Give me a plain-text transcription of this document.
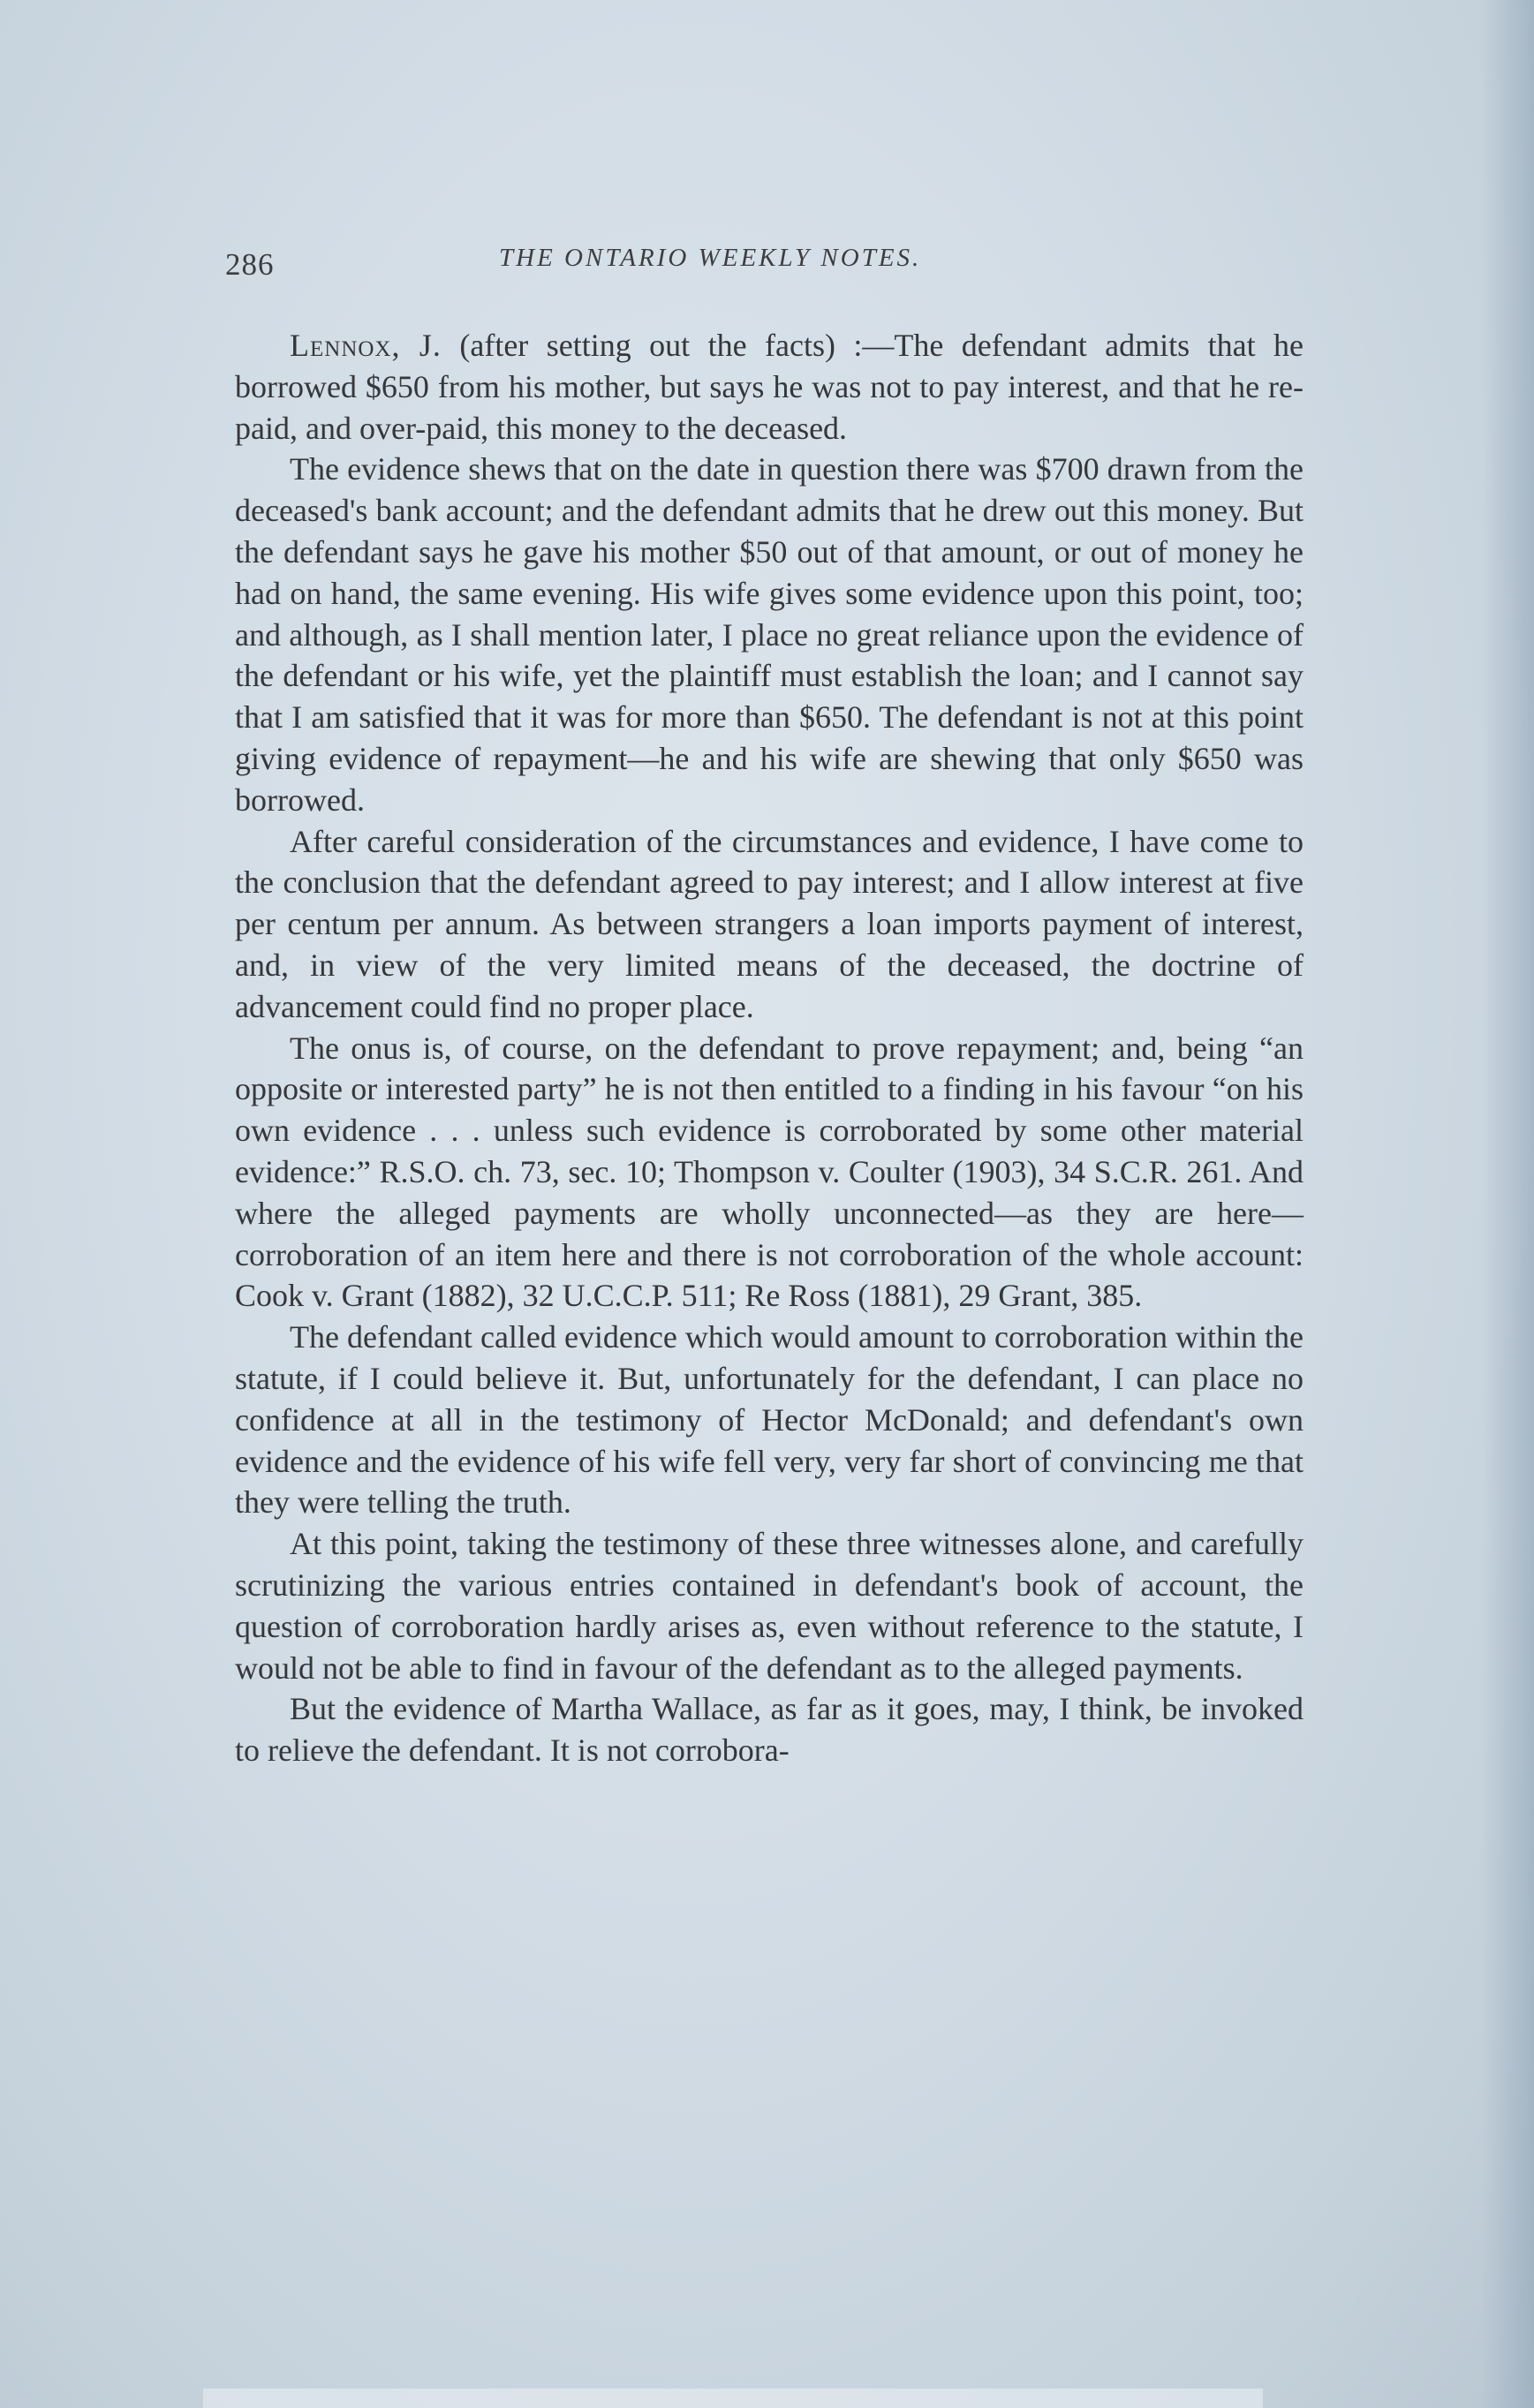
286	THE ONTARIO WEEKLY NOTES.

Lennox, J. (after setting out the facts) :—The defendant admits that he borrowed $650 from his mother, but says he was not to pay interest, and that he re-paid, and over-paid, this money to the deceased.

The evidence shews that on the date in question there was $700 drawn from the deceased's bank account; and the defendant admits that he drew out this money. But the defendant says he gave his mother $50 out of that amount, or out of money he had on hand, the same evening. His wife gives some evidence upon this point, too; and although, as I shall mention later, I place no great reliance upon the evidence of the defendant or his wife, yet the plaintiff must establish the loan; and I cannot say that I am satisfied that it was for more than $650. The defendant is not at this point giving evidence of repayment—he and his wife are shewing that only $650 was borrowed.

After careful consideration of the circumstances and evidence, I have come to the conclusion that the defendant agreed to pay interest; and I allow interest at five per centum per annum. As between strangers a loan imports payment of interest, and, in view of the very limited means of the deceased, the doctrine of advancement could find no proper place.

The onus is, of course, on the defendant to prove repayment; and, being “an opposite or interested party” he is not then entitled to a finding in his favour “on his own evidence . . . unless such evidence is corroborated by some other material evidence:” R.S.O. ch. 73, sec. 10; Thompson v. Coulter (1903), 34 S.C.R. 261. And where the alleged payments are wholly unconnected—as they are here—corroboration of an item here and there is not corroboration of the whole account: Cook v. Grant (1882), 32 U.C.C.P. 511; Re Ross (1881), 29 Grant, 385.

The defendant called evidence which would amount to corroboration within the statute, if I could believe it. But, unfortunately for the defendant, I can place no confidence at all in the testimony of Hector McDonald; and defendant's own evidence and the evidence of his wife fell very, very far short of convincing me that they were telling the truth.

At this point, taking the testimony of these three witnesses alone, and carefully scrutinizing the various entries contained in defendant's book of account, the question of corroboration hardly arises as, even without reference to the statute, I would not be able to find in favour of the defendant as to the alleged payments.

But the evidence of Martha Wallace, as far as it goes, may, I think, be invoked to relieve the defendant. It is not corrobora-
